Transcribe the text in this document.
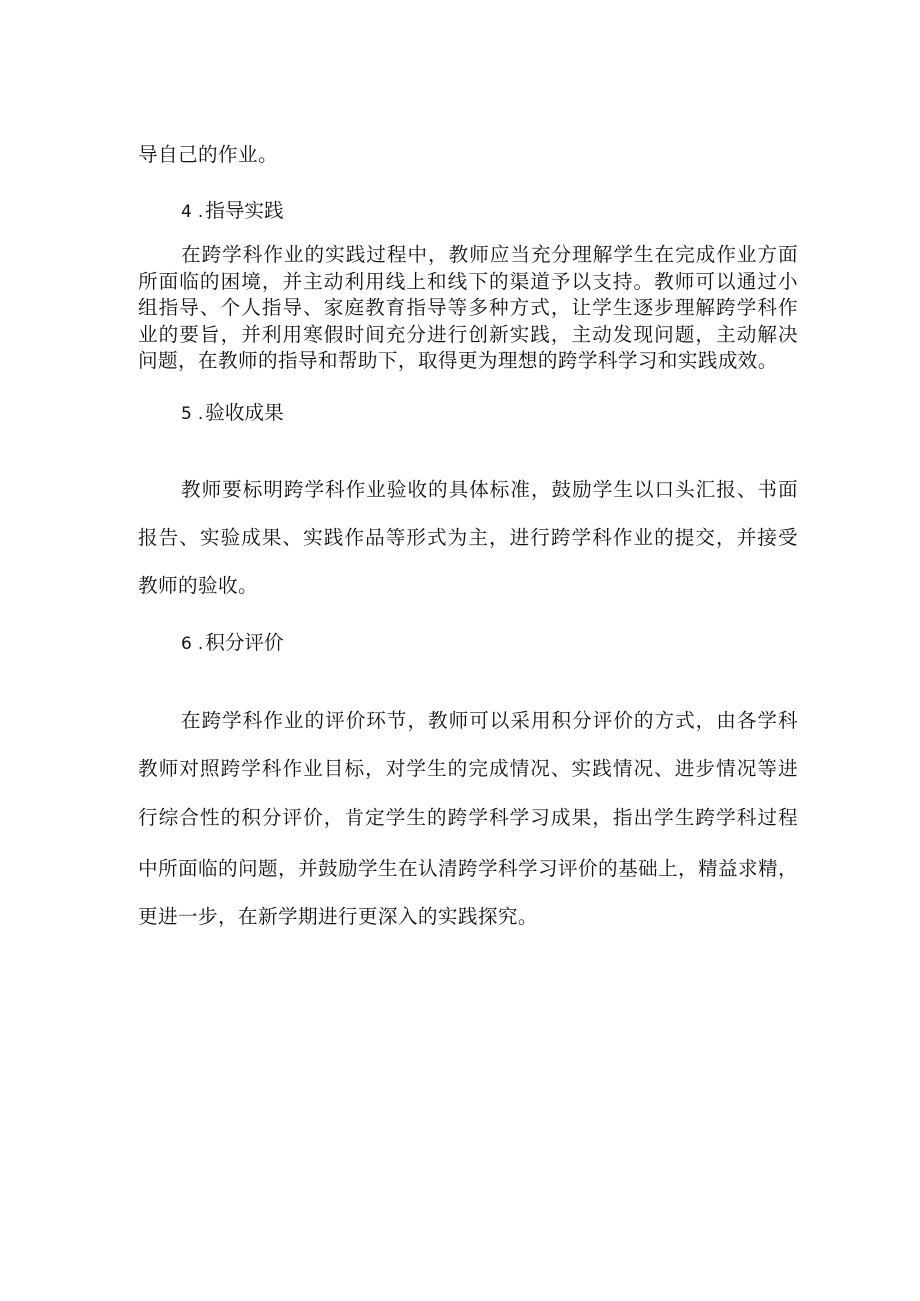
导自己的作业。
4 . 指导实践
在跨学科作业的实践过程中，教师应当充分理解学生在完成作业方面
所面临的困境，并主动利用线上和线下的渠道予以支持。教师可以通过小
组指导、个人指导、家庭教育指导等多种方式，让学生逐步理解跨学科作
业的要旨，并利用寒假时间充分进行创新实践，主动发现问题，主动解决
问题，在教师的指导和帮助下，取得更为理想的跨学科学习和实践成效。
5 . 验收成果
教师要标明跨学科作业验收的具体标准，鼓励学生以口头汇报、书面
报告、实验成果、实践作品等形式为主，进行跨学科作业的提交，并接受
教师的验收。
6 . 积分评价
在跨学科作业的评价环节，教师可以采用积分评价的方式，由各学科
教师对照跨学科作业目标，对学生的完成情况、实践情况、进步情况等进
行综合性的积分评价，肯定学生的跨学科学习成果，指出学生跨学科过程
中所面临的问题，并鼓励学生在认清跨学科学习评价的基础上，精益求精，
更进一步，在新学期进行更深入的实践探究。
